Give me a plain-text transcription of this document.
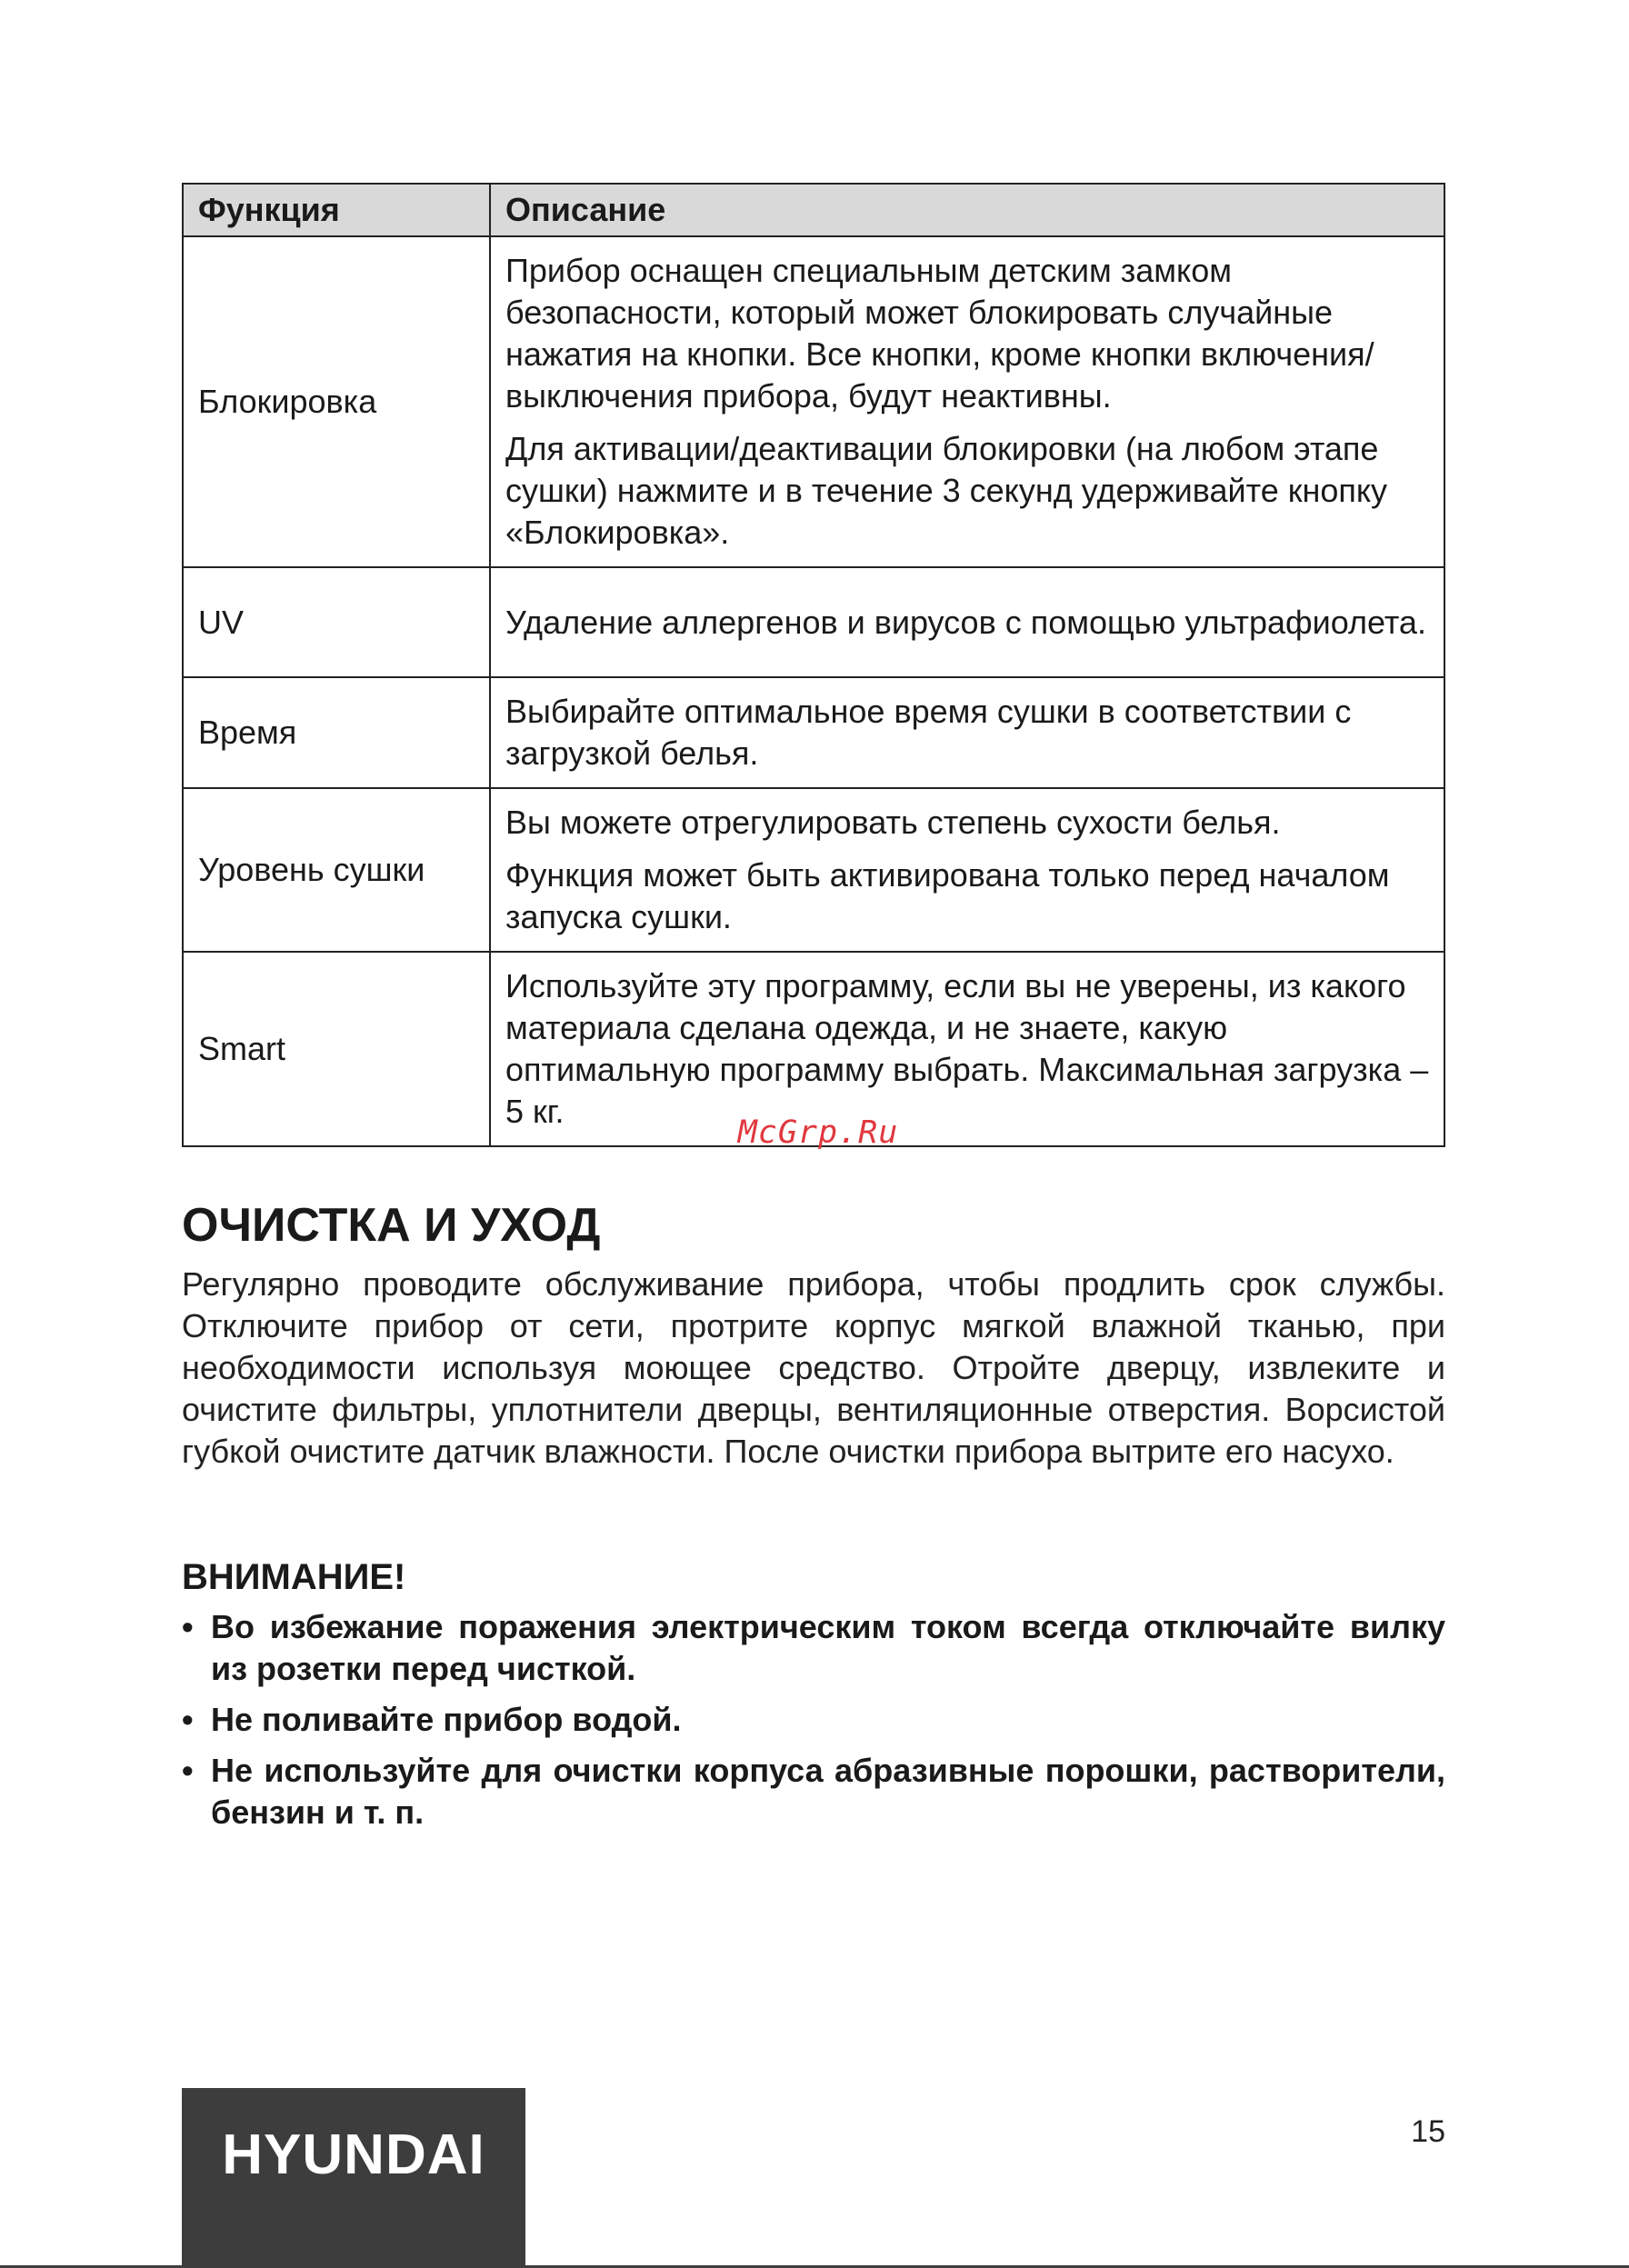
Функция	Описание
Блокировка	Прибор оснащен специальным детским замком безопасности, который может блокировать случайные нажатия на кнопки. Все кнопки, кроме кнопки включения/выключения прибора, будут неактивны.

Для активации/деактивации блокировки (на любом этапе сушки) нажмите и в течение 3 секунд удерживайте кнопку «Блокировка».

UV	Удаление аллергенов и вирусов с помощью ультрафиолета.

Время	Выбирайте оптимальное время сушки в соответствии с загрузкой белья.

Уровень сушки	Вы можете отрегулировать степень сухости белья.

Функция может быть активирована только перед началом запуска сушки.

Smart	Используйте эту программу, если вы не уверены, из какого материала сделана одежда, и не знаете, какую оптимальную программу выбрать. Максимальная загрузка – 5 кг.

McGrp.Ru
ОЧИСТКА И УХОД

Регулярно проводите обслуживание прибора, чтобы продлить срок службы. Отключите прибор от сети, протрите корпус мягкой влажной тканью, при необходимости используя моющее средство. Отройте дверцу, извлеките и очистите фильтры, уплотнители дверцы, вентиляционные отверстия. Ворсистой губкой очистите датчик влажности. После очистки прибора вытрите его насухо.

ВНИМАНИЕ!
• Во избежание поражения электрическим током всегда отключайте вилку из розетки перед чисткой.
• Не поливайте прибор водой.
• Не используйте для очистки корпуса абразивные порошки, растворители, бензин и т. п.
HYUNDAI	15
